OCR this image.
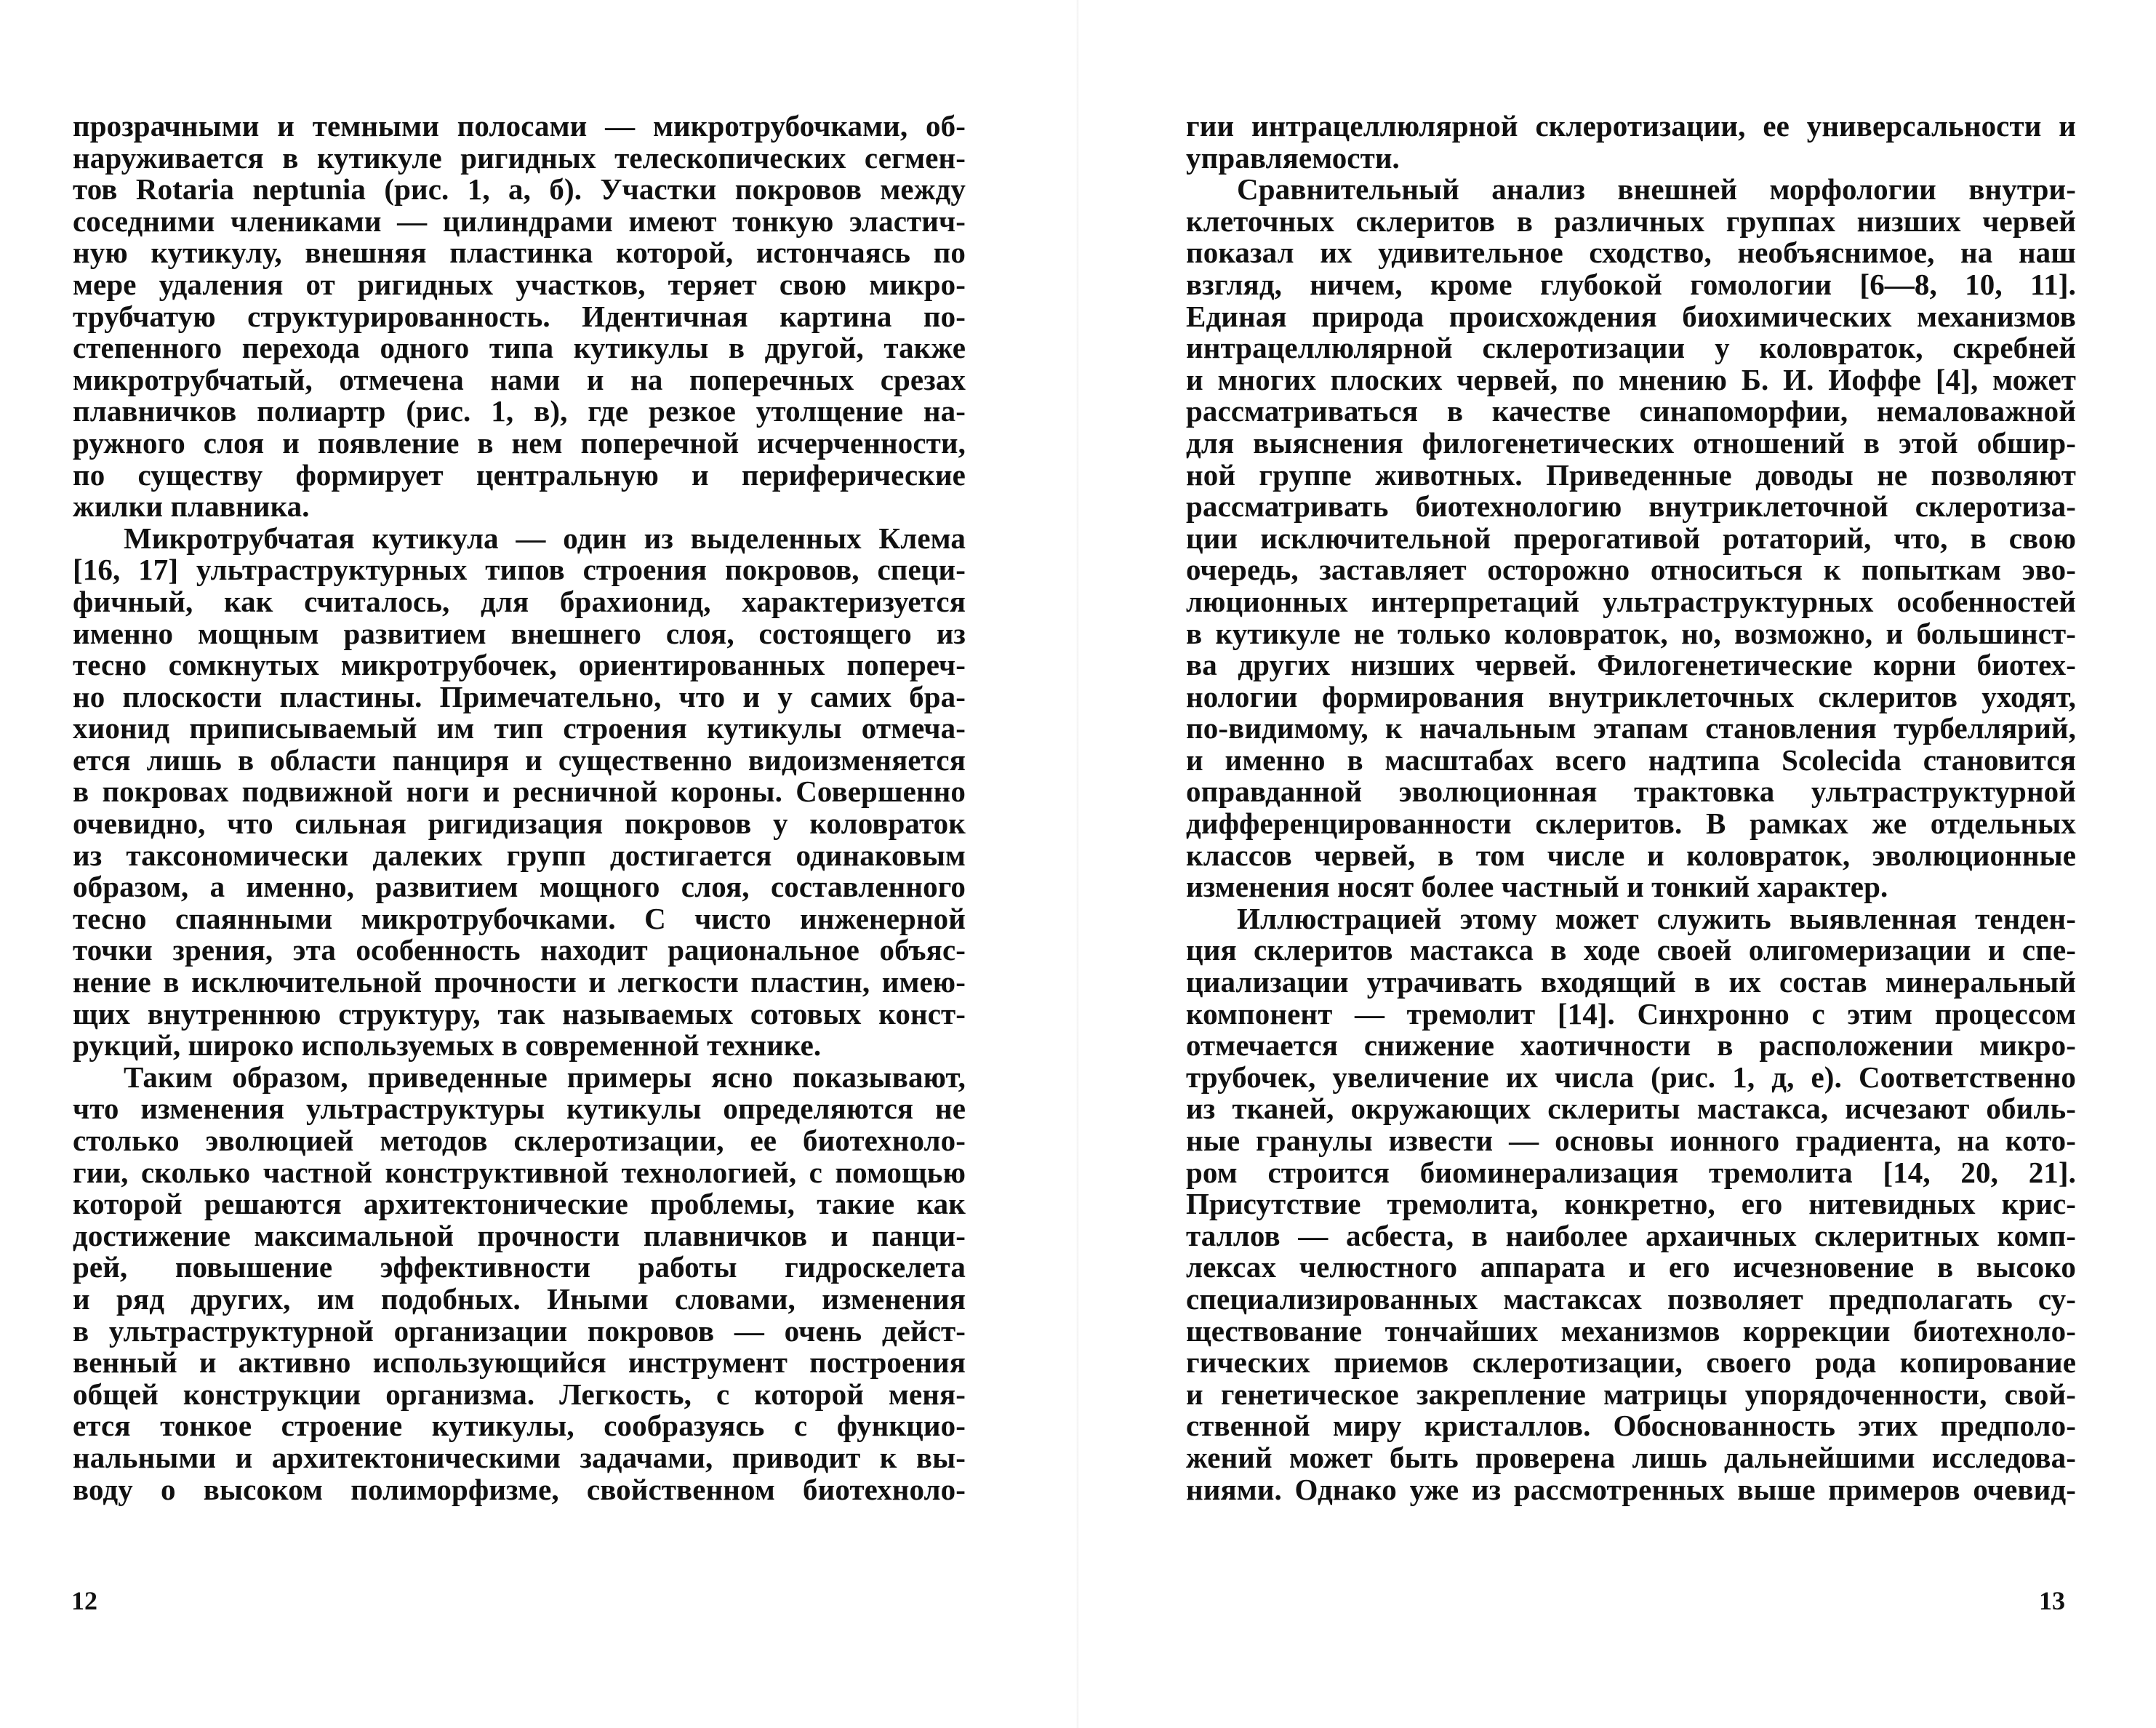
прозрачными и темными полосами — микротрубочками, об-
наруживается в кутикуле ригидных телескопических сегмен-
тов Rotaria neptunia (рис. 1, а, б). Участки покровов между
соседними члениками — цилиндрами имеют тонкую эластич-
ную кутикулу, внешняя пластинка которой, истончаясь по
мере удаления от ригидных участков, теряет свою микро-
трубчатую структурированность. Идентичная картина по-
степенного перехода одного типа кутикулы в другой, также
микротрубчатый, отмечена нами и на поперечных срезах
плавничков полиартр (рис. 1, в), где резкое утолщение на-
ружного слоя и появление в нем поперечной исчерченности,
по существу формирует центральную и периферические
жилки плавника.
Микротрубчатая кутикула — один из выделенных Клема
[16, 17] ультраструктурных типов строения покровов, специ-
фичный, как считалось, для брахионид, характеризуется
именно мощным развитием внешнего слоя, состоящего из
тесно сомкнутых микротрубочек, ориентированных попереч-
но плоскости пластины. Примечательно, что и у самих бра-
хионид приписываемый им тип строения кутикулы отмеча-
ется лишь в области панциря и существенно видоизменяется
в покровах подвижной ноги и ресничной короны. Совершенно
очевидно, что сильная ригидизация покровов у коловраток
из таксономически далеких групп достигается одинаковым
образом, а именно, развитием мощного слоя, составленного
тесно спаянными микротрубочками. С чисто инженерной
точки зрения, эта особенность находит рациональное объяс-
нение в исключительной прочности и легкости пластин, имею-
щих внутреннюю структуру, так называемых сотовых конст-
рукций, широко используемых в современной технике.
Таким образом, приведенные примеры ясно показывают,
что изменения ультраструктуры кутикулы определяются не
столько эволюцией методов склеротизации, ее биотехноло-
гии, сколько частной конструктивной технологией, с помощью
которой решаются архитектонические проблемы, такие как
достижение максимальной прочности плавничков и панци-
рей, повышение эффективности работы гидроскелета
и ряд других, им подобных. Иными словами, изменения
в ультраструктурной организации покровов — очень дейст-
венный и активно использующийся инструмент построения
общей конструкции организма. Легкость, с которой меня-
ется тонкое строение кутикулы, сообразуясь с функцио-
нальными и архитектоническими задачами, приводит к вы-
воду о высоком полиморфизме, свойственном биотехноло-
12
гии интрацеллюлярной склеротизации, ее универсальности и
управляемости.
Сравнительный анализ внешней морфологии внутри-
клеточных склеритов в различных группах низших червей
показал их удивительное сходство, необъяснимое, на наш
взгляд, ничем, кроме глубокой гомологии [6—8, 10, 11].
Единая природа происхождения биохимических механизмов
интрацеллюлярной склеротизации у коловраток, скребней
и многих плоских червей, по мнению Б. И. Иоффе [4], может
рассматриваться в качестве синапоморфии, немаловажной
для выяснения филогенетических отношений в этой обшир-
ной группе животных. Приведенные доводы не позволяют
рассматривать биотехнологию внутриклеточной склеротиза-
ции исключительной прерогативой ротаторий, что, в свою
очередь, заставляет осторожно относиться к попыткам эво-
люционных интерпретаций ультраструктурных особенностей
в кутикуле не только коловраток, но, возможно, и большинст-
ва других низших червей. Филогенетические корни биотех-
нологии формирования внутриклеточных склеритов уходят,
по-видимому, к начальным этапам становления турбеллярий,
и именно в масштабах всего надтипа Scolecida становится
оправданной эволюционная трактовка ультраструктурной
дифференцированности склеритов. В рамках же отдельных
классов червей, в том числе и коловраток, эволюционные
изменения носят более частный и тонкий характер.
Иллюстрацией этому может служить выявленная тенден-
ция склеритов мастакса в ходе своей олигомеризации и спе-
циализации утрачивать входящий в их состав минеральный
компонент — тремолит [14]. Синхронно с этим процессом
отмечается снижение хаотичности в расположении микро-
трубочек, увеличение их числа (рис. 1, д, е). Соответственно
из тканей, окружающих склериты мастакса, исчезают обиль-
ные гранулы извести — основы ионного градиента, на кото-
ром строится биоминерализация тремолита [14, 20, 21].
Присутствие тремолита, конкретно, его нитевидных крис-
таллов — асбеста, в наиболее архаичных склеритных комп-
лексах челюстного аппарата и его исчезновение в высоко
специализированных мастаксах позволяет предполагать су-
ществование тончайших механизмов коррекции биотехноло-
гических приемов склеротизации, своего рода копирование
и генетическое закрепление матрицы упорядоченности, свой-
ственной миру кристаллов. Обоснованность этих предполо-
жений может быть проверена лишь дальнейшими исследова-
ниями. Однако уже из рассмотренных выше примеров очевид-
13
